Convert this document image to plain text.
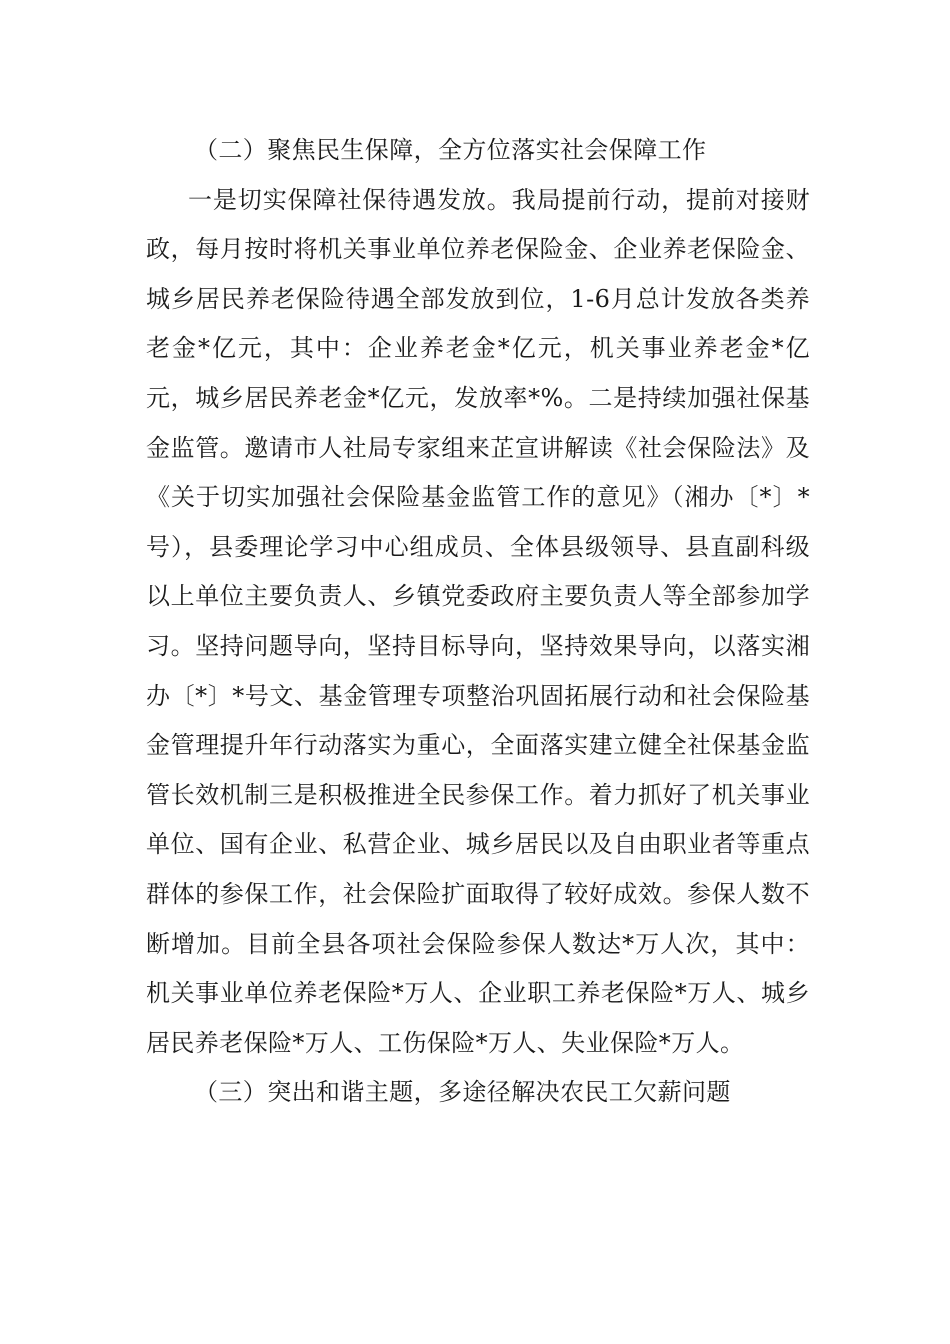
（二）聚焦民生保障，全方位落实社会保障工作

一是切实保障社保待遇发放。我局提前行动，提前对接财政，每月按时将机关事业单位养老保险金、企业养老保险金、城乡居民养老保险待遇全部发放到位，1-6月总计发放各类养老金*亿元，其中：企业养老金*亿元，机关事业养老金*亿元，城乡居民养老金*亿元，发放率*%。二是持续加强社保基金监管。邀请市人社局专家组来芷宣讲解读《社会保险法》及《关于切实加强社会保险基金监管工作的意见》（湘办〔*〕*号），县委理论学习中心组成员、全体县级领导、县直副科级以上单位主要负责人、乡镇党委政府主要负责人等全部参加学习。坚持问题导向，坚持目标导向，坚持效果导向，以落实湘办〔*〕*号文、基金管理专项整治巩固拓展行动和社会保险基金管理提升年行动落实为重心，全面落实建立健全社保基金监管长效机制三是积极推进全民参保工作。着力抓好了机关事业单位、国有企业、私营企业、城乡居民以及自由职业者等重点群体的参保工作，社会保险扩面取得了较好成效。参保人数不断增加。目前全县各项社会保险参保人数达*万人次，其中：机关事业单位养老保险*万人、企业职工养老保险*万人、城乡居民养老保险*万人、工伤保险*万人、失业保险*万人。

（三）突出和谐主题，多途径解决农民工欠薪问题
